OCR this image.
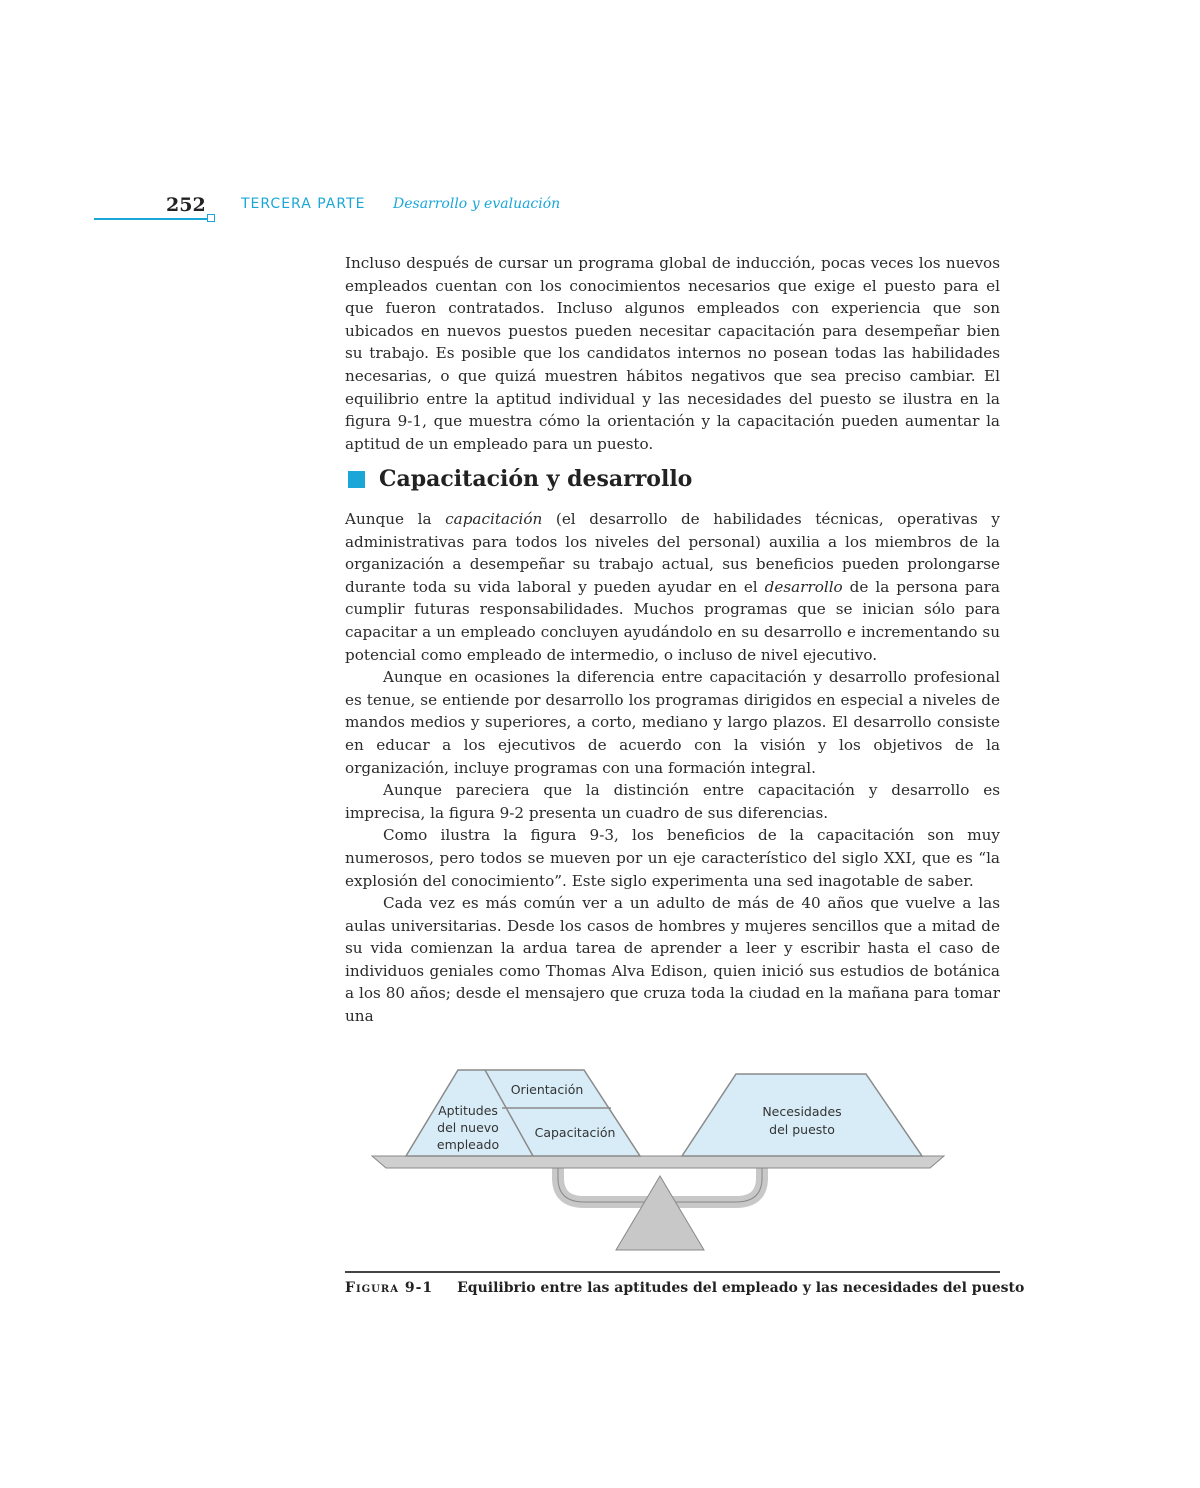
252	TERCERA PARTE Desarrollo y evaluación

Incluso después de cursar un programa global de inducción, pocas veces los nuevos empleados cuentan con los conocimientos necesarios que exige el puesto para el que fueron contratados. Incluso algunos empleados con experiencia que son ubicados en nuevos puestos pueden necesitar capacitación para desempeñar bien su trabajo. Es posible que los candidatos internos no posean todas las habilidades necesarias, o que quizá muestren hábitos negativos que sea preciso cambiar. El equilibrio entre la aptitud individual y las necesidades del puesto se ilustra en la figura 9-1, que muestra cómo la orientación y la capacitación pueden aumentar la aptitud de un empleado para un puesto.

Capacitación y desarrollo

Aunque la capacitación (el desarrollo de habilidades técnicas, operativas y administrativas para todos los niveles del personal) auxilia a los miembros de la organización a desempeñar su trabajo actual, sus beneficios pueden prolongarse durante toda su vida laboral y pueden ayudar en el desarrollo de la persona para cumplir futuras responsabilidades. Muchos programas que se inician sólo para capacitar a un empleado concluyen ayudándolo en su desarrollo e incrementando su potencial como empleado de intermedio, o incluso de nivel ejecutivo.

Aunque en ocasiones la diferencia entre capacitación y desarrollo profesional es tenue, se entiende por desarrollo los programas dirigidos en especial a niveles de mandos medios y superiores, a corto, mediano y largo plazos. El desarrollo consiste en educar a los ejecutivos de acuerdo con la visión y los objetivos de la organización, incluye programas con una formación integral.

Aunque pareciera que la distinción entre capacitación y desarrollo es imprecisa, la figura 9-2 presenta un cuadro de sus diferencias.

Como ilustra la figura 9-3, los beneficios de la capacitación son muy numerosos, pero todos se mueven por un eje característico del siglo XXI, que es “la explosión del conocimiento”. Este siglo experimenta una sed inagotable de saber.

Cada vez es más común ver a un adulto de más de 40 años que vuelve a las aulas universitarias. Desde los casos de hombres y mujeres sencillos que a mitad de su vida comienzan la ardua tarea de aprender a leer y escribir hasta el caso de individuos geniales como Thomas Alva Edison, quien inició sus estudios de botánica a los 80 años; desde el mensajero que cruza toda la ciudad en la mañana para tomar una

Aptitudes
del nuevo
empleado
Orientación
Capacitación
Necesidades
del puesto
Figura 9-1 Equilibrio entre las aptitudes del empleado y las necesidades del puesto
